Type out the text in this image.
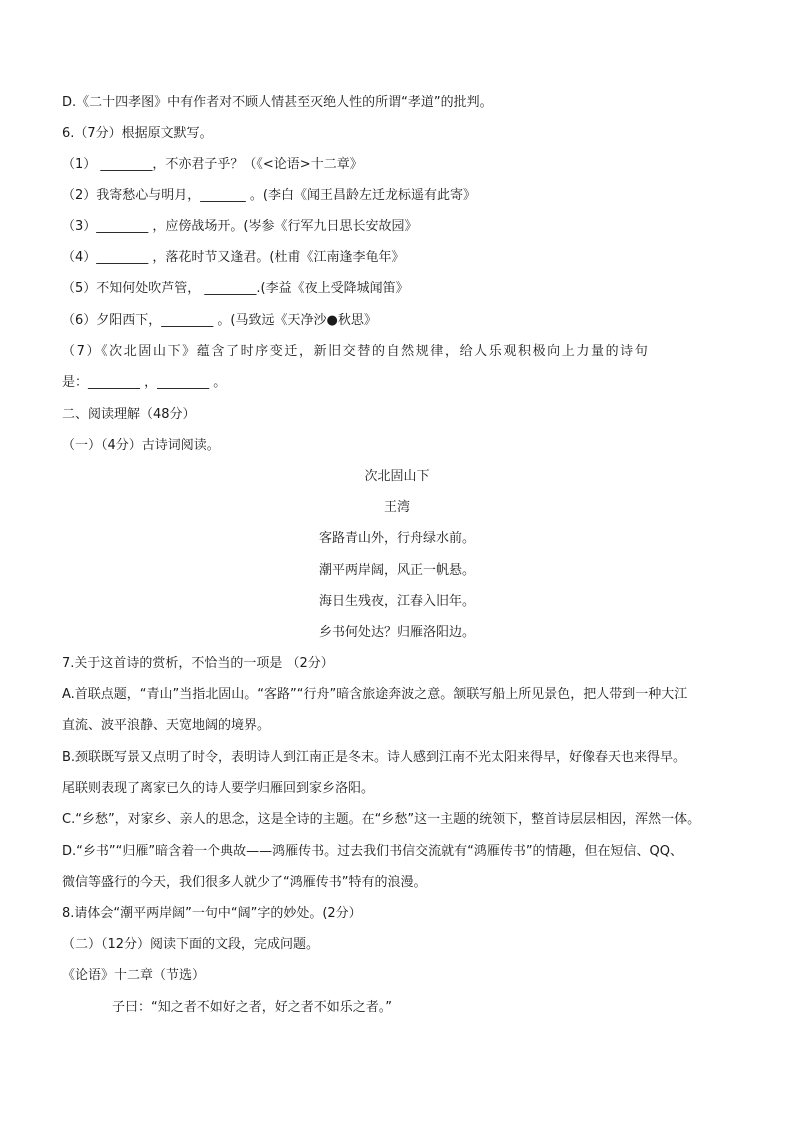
D.《二十四孝图》中有作者对不顾人情甚至灭绝人性的所谓“孝道”的批判。
6.（7分）根据原文默写。
（1） ________，不亦君子乎？（《<论语>十二章》
（2）我寄愁心与明月，_______ 。(李白《闻王昌龄左迁龙标遥有此寄》
（3）________ ，应傍战场开。(岑参《行军九日思长安故园》
（4）________ ，落花时节又逢君。(杜甫《江南逢李龟年》
（5）不知何处吹芦管， ________.(李益《夜上受降城闻笛》
（6）夕阳西下，________ 。(马致远《天净沙●秋思》
（7）《次北固山下》蕴含了时序变迁，新旧交替的自然规律，给人乐观积极向上力量的诗句
是：________ ，________ 。
二、阅读理解（48分）
（一）（4分）古诗词阅读。
次北固山下
王湾
客路青山外，行舟绿水前。
潮平两岸阔，风正一帆悬。
海日生残夜，江春入旧年。
乡书何处达？归雁洛阳边。
7.关于这首诗的赏析，不恰当的一项是 （2分）
A.首联点题，“青山”当指北固山。“客路”“行舟”暗含旅途奔波之意。颔联写船上所见景色，把人带到一种大江
直流、波平浪静、天宽地阔的境界。
B.颈联既写景又点明了时令，表明诗人到江南正是冬末。诗人感到江南不光太阳来得早，好像春天也来得早。
尾联则表现了离家已久的诗人要学归雁回到家乡洛阳。
C.“乡愁”，对家乡、亲人的思念，这是全诗的主题。在“乡愁”这一主题的统领下，整首诗层层相因，浑然一体。
D.“乡书”“归雁”暗含着一个典故——鸿雁传书。过去我们书信交流就有“鸿雁传书”的情趣，但在短信、QQ、
微信等盛行的今天，我们很多人就少了“鸿雁传书”特有的浪漫。
8.请体会“潮平两岸阔”一句中“阔”字的妙处。(2分）
（二）（12分）阅读下面的文段，完成问题。
《论语》十二章（节选）
子曰：“知之者不如好之者，好之者不如乐之者。”
